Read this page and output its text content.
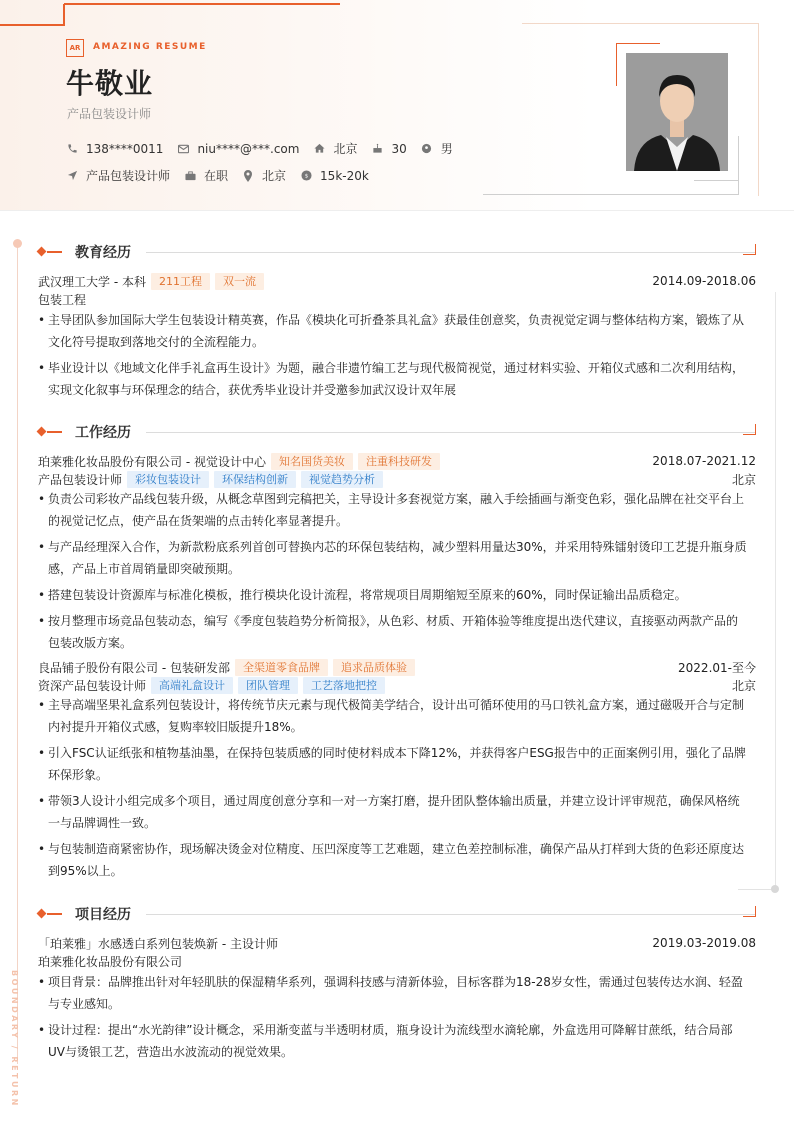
AR	AMAZING RESUME
牛敬业
产品包装设计师
138****0011	niu****@***.com	北京	30	男
产品包装设计师	在职	北京 $ 15k-20k
BOUNDARY / RETURN
教育经历
武汉理工大学 - 本科	211工程	双一流	2014.09-2018.06
包装工程
• 主导团队参加国际大学生包装设计精英赛，作品《模块化可折叠茶具礼盒》获最佳创意奖，负责视觉定调与整体结构方案，锻炼了从文化符号提取到落地交付的全流程能力。
• 毕业设计以《地域文化伴手礼盒再生设计》为题，融合非遗竹编工艺与现代极简视觉，通过材料实验、开箱仪式感和二次利用结构，实现文化叙事与环保理念的结合，获优秀毕业设计并受邀参加武汉设计双年展
工作经历
珀莱雅化妆品股份有限公司 - 视觉设计中心	知名国货美妆	注重科技研发	2018.07-2021.12
产品包装设计师	彩妆包装设计	环保结构创新	视觉趋势分析	北京
• 负责公司彩妆产品线包装升级，从概念草图到完稿把关，主导设计多套视觉方案，融入手绘插画与渐变色彩，强化品牌在社交平台上的视觉记忆点，使产品在货架端的点击转化率显著提升。
• 与产品经理深入合作，为新款粉底系列首创可替换内芯的环保包装结构，减少塑料用量达30%，并采用特殊镭射烫印工艺提升瓶身质感，产品上市首周销量即突破预期。
• 搭建包装设计资源库与标准化模板，推行模块化设计流程，将常规项目周期缩短至原来的60%，同时保证输出品质稳定。
• 按月整理市场竞品包装动态，编写《季度包装趋势分析简报》，从色彩、材质、开箱体验等维度提出迭代建议，直接驱动两款产品的包装改版方案。
良品铺子股份有限公司 - 包装研发部	全渠道零食品牌	追求品质体验	2022.01-至今
资深产品包装设计师	高端礼盒设计	团队管理	工艺落地把控	北京
• 主导高端坚果礼盒系列包装设计，将传统节庆元素与现代极简美学结合，设计出可循环使用的马口铁礼盒方案，通过磁吸开合与定制内衬提升开箱仪式感，复购率较旧版提升18%。
• 引入FSC认证纸张和植物基油墨，在保持包装质感的同时使材料成本下降12%，并获得客户ESG报告中的正面案例引用，强化了品牌环保形象。
• 带领3人设计小组完成多个项目，通过周度创意分享和一对一方案打磨，提升团队整体输出质量，并建立设计评审规范，确保风格统一与品牌调性一致。
• 与包装制造商紧密协作，现场解决烫金对位精度、压凹深度等工艺难题，建立色差控制标准，确保产品从打样到大货的色彩还原度达到95%以上。
项目经历
「珀莱雅」水感透白系列包装焕新 - 主设计师	2019.03-2019.08
珀莱雅化妆品股份有限公司
• 项目背景：品牌推出针对年轻肌肤的保湿精华系列，强调科技感与清新体验，目标客群为18-28岁女性，需通过包装传达水润、轻盈与专业感知。
• 设计过程：提出“水光韵律”设计概念，采用渐变蓝与半透明材质，瓶身设计为流线型水滴轮廓，外盒选用可降解甘蔗纸，结合局部UV与烫银工艺，营造出水波流动的视觉效果。
